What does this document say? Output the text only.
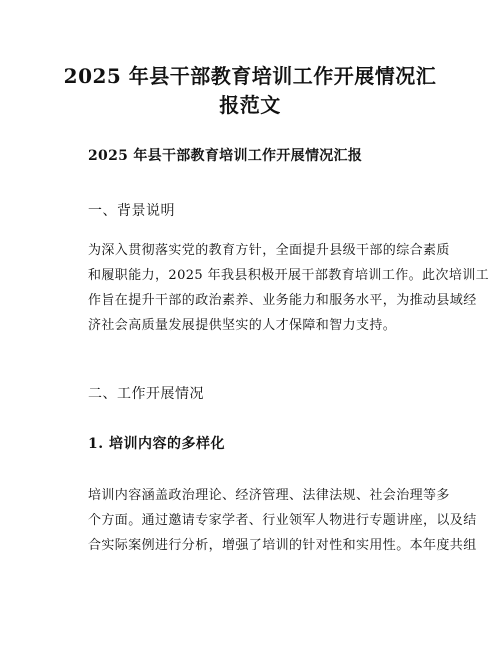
2025 年县干部教育培训工作开展情况汇
报范文
2025 年县干部教育培训工作开展情况汇报
一、背景说明
为深入贯彻落实党的教育方针，全面提升县级干部的综合素质
和履职能力，2025 年我县积极开展干部教育培训工作。此次培训工
作旨在提升干部的政治素养、业务能力和服务水平，为推动县域经
济社会高质量发展提供坚实的人才保障和智力支持。
二、工作开展情况
1. 培训内容的多样化
培训内容涵盖政治理论、经济管理、法律法规、社会治理等多
个方面。通过邀请专家学者、行业领军人物进行专题讲座，以及结
合实际案例进行分析，增强了培训的针对性和实用性。本年度共组
